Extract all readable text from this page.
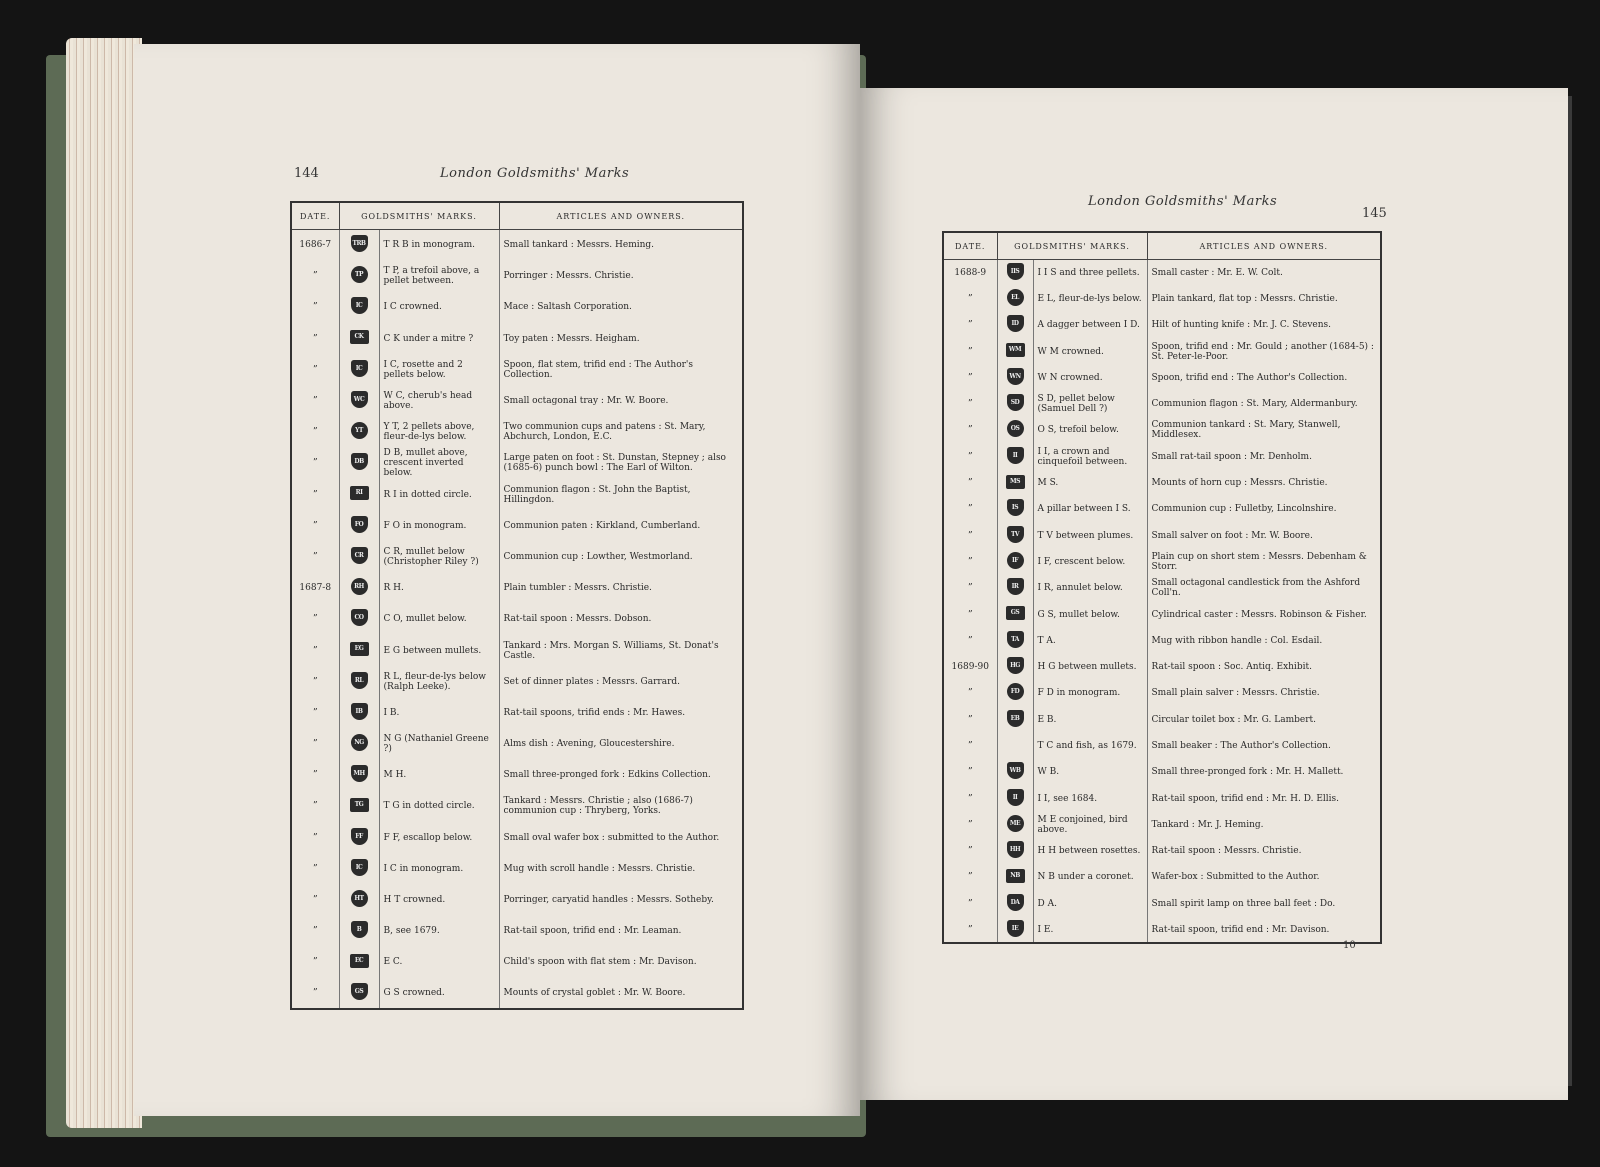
144	London Goldsmiths' Marks
DATE.	GOLDSMITHS' MARKS.		ARTICLES AND OWNERS.
1686-7	TRB	T R B in monogram.	Small tankard : Messrs. Heming.
”	TP	T P, a trefoil above, a pellet between.	Porringer : Messrs. Christie.
”	IC	I C crowned.	Mace : Saltash Corporation.
”	CK	C K under a mitre ?	Toy paten : Messrs. Heigham.
”	IC	I C, rosette and 2 pellets below.	Spoon, flat stem, trifid end : The Author's Collection.
”	WC	W C, cherub's head above.	Small octagonal tray : Mr. W. Boore.
”	YT	Y T, 2 pellets above, fleur-de-lys below.	Two communion cups and patens : St. Mary, Abchurch, London, E.C.
”	DB	D B, mullet above, crescent inverted below.	Large paten on foot : St. Dunstan, Stepney ; also (1685-6) punch bowl : The Earl of Wilton.
”	RI	R I in dotted circle.	Communion flagon : St. John the Baptist, Hillingdon.
”	FO	F O in monogram.	Communion paten : Kirkland, Cumberland.
”	CR	C R, mullet below (Christopher Riley ?)	Communion cup : Lowther, Westmorland.
1687-8	RH	R H.	Plain tumbler : Messrs. Christie.
”	CO	C O, mullet below.	Rat-tail spoon : Messrs. Dobson.
”	EG	E G between mullets.	Tankard : Mrs. Morgan S. Williams, St. Donat's Castle.
”	RL	R L, fleur-de-lys below (Ralph Leeke).	Set of dinner plates : Messrs. Garrard.
”	IB	I B.	Rat-tail spoons, trifid ends : Mr. Hawes.
”	NG	N G (Nathaniel Greene ?)	Alms dish : Avening, Gloucestershire.
”	MH	M H.	Small three-pronged fork : Edkins Collection.
”	TG	T G in dotted circle.	Tankard : Messrs. Christie ; also (1686-7) communion cup : Thryberg, Yorks.
”	FF	F F, escallop below.	Small oval wafer box : submitted to the Author.
”	IC	I C in monogram.	Mug with scroll handle : Messrs. Christie.
”	HT	H T crowned.	Porringer, caryatid handles : Messrs. Sotheby.
”	B	B, see 1679.	Rat-tail spoon, trifid end : Mr. Leaman.
”	EC	E C.	Child's spoon with flat stem : Mr. Davison.
”	GS	G S crowned.	Mounts of crystal goblet : Mr. W. Boore.
London Goldsmiths' Marks
145
DATE.	GOLDSMITHS' MARKS.		ARTICLES AND OWNERS.
1688-9	IIS	I I S and three pellets.	Small caster : Mr. E. W. Colt.
”	EL	E L, fleur-de-lys below.	Plain tankard, flat top : Messrs. Christie.
”	ID	A dagger between I D.	Hilt of hunting knife : Mr. J. C. Stevens.
”	WM	W M crowned.	Spoon, trifid end : Mr. Gould ; another (1684-5) : St. Peter-le-Poor.
”	WN	W N crowned.	Spoon, trifid end : The Author's Collection.
”	SD	S D, pellet below (Samuel Dell ?)	Communion flagon : St. Mary, Aldermanbury.
”	OS	O S, trefoil below.	Communion tankard : St. Mary, Stanwell, Middlesex.
”	II	I I, a crown and cinquefoil between.	Small rat-tail spoon : Mr. Denholm.
”	MS	M S.	Mounts of horn cup : Messrs. Christie.
”	IS	A pillar between I S.	Communion cup : Fulletby, Lincolnshire.
”	TV	T V between plumes.	Small salver on foot : Mr. W. Boore.
”	IF	I F, crescent below.	Plain cup on short stem : Messrs. Debenham & Storr.
”	IR	I R, annulet below.	Small octagonal candlestick from the Ashford Coll'n.
”	GS	G S, mullet below.	Cylindrical caster : Messrs. Robinson & Fisher.
”	TA	T A.	Mug with ribbon handle : Col. Esdail.
1689-90	HG	H G between mullets.	Rat-tail spoon : Soc. Antiq. Exhibit.
”	FD	F D in monogram.	Small plain salver : Messrs. Christie.
”	EB	E B.	Circular toilet box : Mr. G. Lambert.
”		T C and fish, as 1679.	Small beaker : The Author's Collection.
”	WB	W B.	Small three-pronged fork : Mr. H. Mallett.
”	II	I I, see 1684.	Rat-tail spoon, trifid end : Mr. H. D. Ellis.
”	ME	M E conjoined, bird above.	Tankard : Mr. J. Heming.
”	HH	H H between rosettes.	Rat-tail spoon : Messrs. Christie.
”	NB	N B under a coronet.	Wafer-box : Submitted to the Author.
”	DA	D A.	Small spirit lamp on three ball feet : Do.
”	IE	I E.	Rat-tail spoon, trifid end : Mr. Davison.
10
